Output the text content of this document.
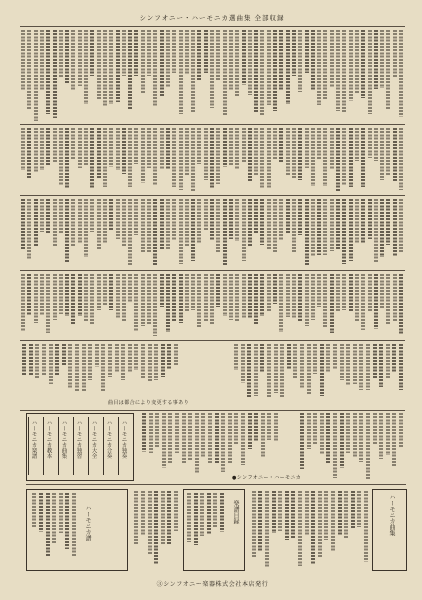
シンフオニー・ハーモニカ選曲集 全部収録
曲目は都合により変更する事あり
ハーモニカ独奏
ハーモニカ合奏
ハーモニカ大全
ハーモニカ独習
ハーモニカ曲集
ハーモニカ教本
ハーモニカ楽譜
●シンフオニー・ハーモニカ
ハーモニカ譜	楽譜目録	ハーモニカ曲集
③シンフオニー楽器株式会社本店発行
